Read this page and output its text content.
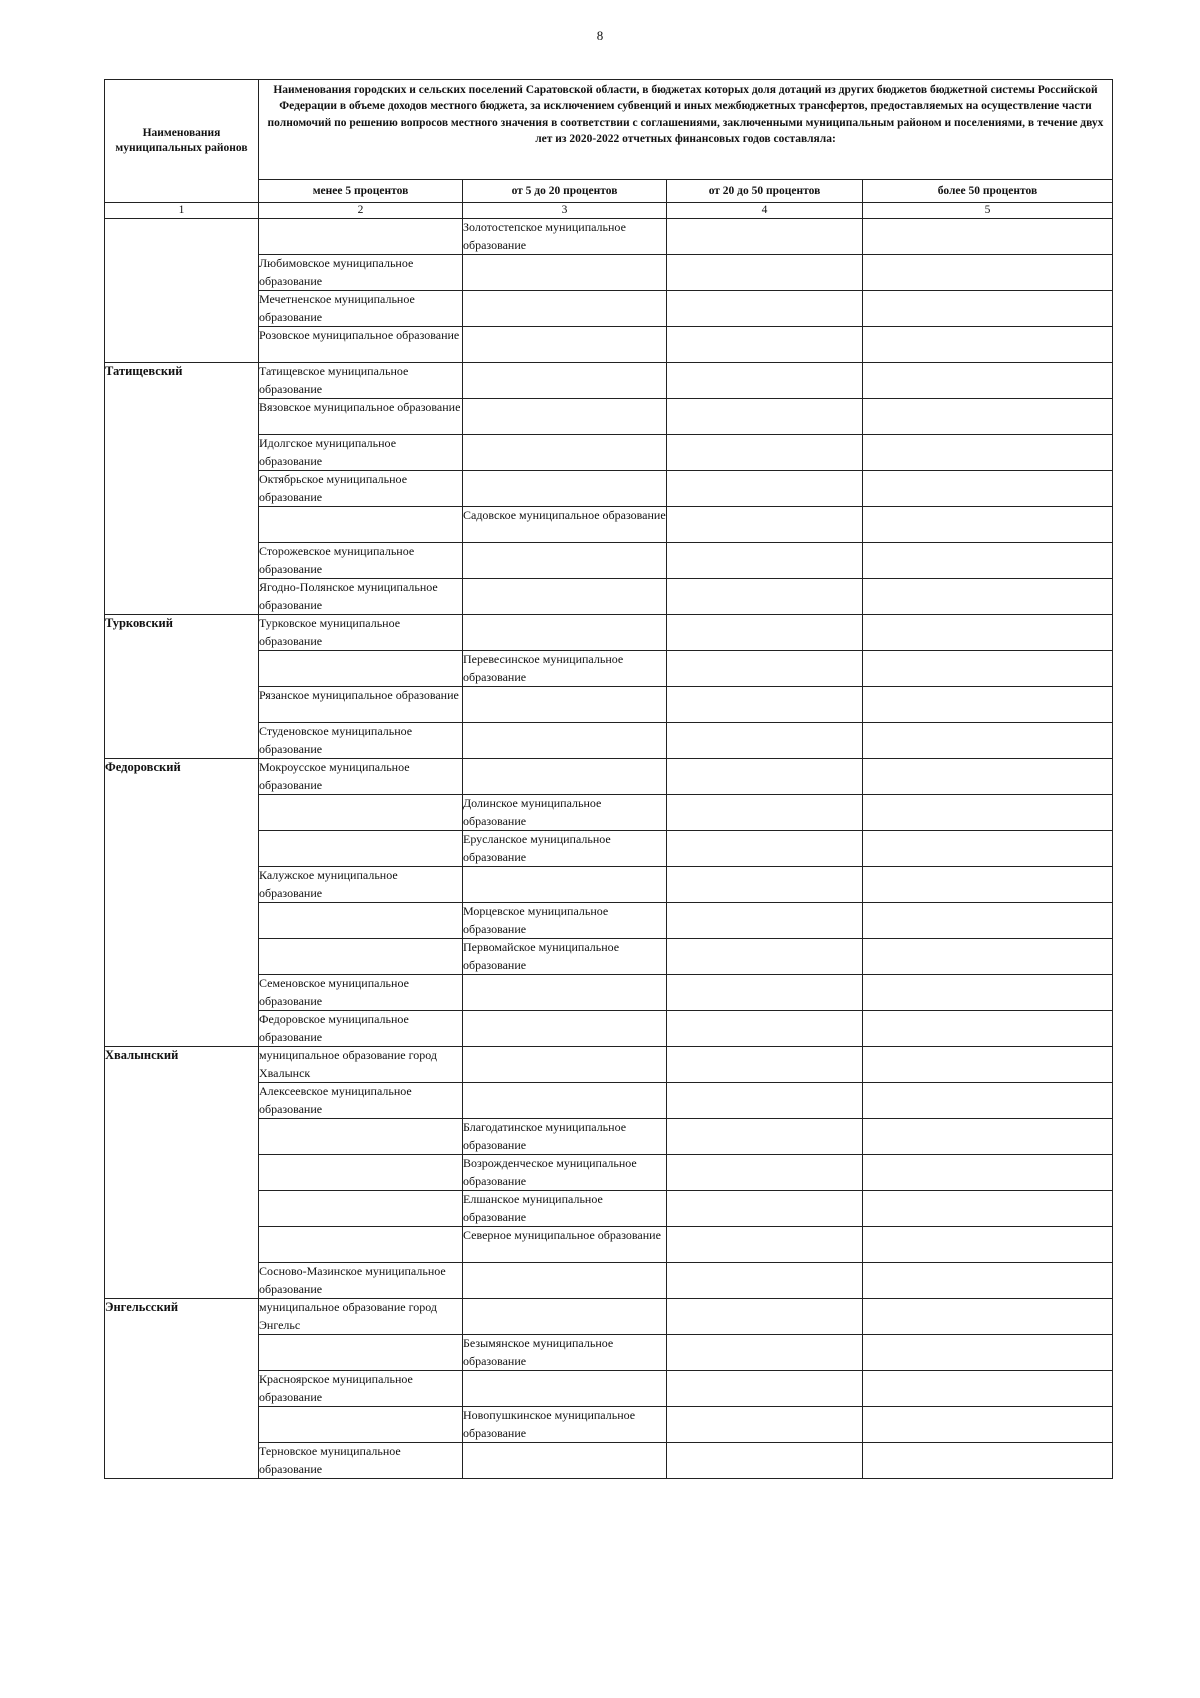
8
Наименования муниципальных районов	Наименования городских и сельских поселений Саратовской области, в бюджетах которых доля дотаций из других бюджетов бюджетной системы Российской Федерации в объеме доходов местного бюджета, за исключением субвенций и иных межбюджетных трансфертов, предоставляемых на осуществление части полномочий по решению вопросов местного значения в соответствии с соглашениями, заключенными муниципальным районом и поселениями, в течение двух лет из 2020-2022 отчетных финансовых годов составляла:			
	менее 5 процентов	от 5 до 20 процентов	от 20 до 50 процентов	более 50 процентов
1	2	3	4	5
		Золотостепское муниципальное образование		
	Любимовское муниципальное образование			
	Мечетненское муниципальное образование			
	Розовское муниципальное образование			
Татищевский	Татищевское муниципальное образование			
	Вязовское муниципальное образование			
	Идолгское муниципальное образование			
	Октябрьское муниципальное образование			
		Садовское муниципальное образование		
	Сторожевское муниципальное образование			
	Ягодно-Полянское муниципальное образование			
Турковский	Турковское муниципальное образование			
		Перевесинское муниципальное образование		
	Рязанское муниципальное образование			
	Студеновское муниципальное образование			
Федоровский	Мокроусское муниципальное образование			
		Долинское муниципальное образование		
		Ерусланское муниципальное образование		
	Калужское муниципальное образование			
		Морцевское муниципальное образование		
		Первомайское муниципальное образование		
	Семеновское муниципальное образование			
	Федоровское муниципальное образование			
Хвалынский	муниципальное образование город Хвалынск			
	Алексеевское муниципальное образование			
		Благодатинское муниципальное образование		
		Возрожденческое муниципальное образование		
		Елшанское муниципальное образование		
		Северное муниципальное образование		
	Сосново-Мазинское муниципальное образование			
Энгельсский	муниципальное образование город Энгельс			
		Безымянское муниципальное образование		
	Красноярское муниципальное образование			
		Новопушкинское муниципальное образование		
	Терновское муниципальное образование			
